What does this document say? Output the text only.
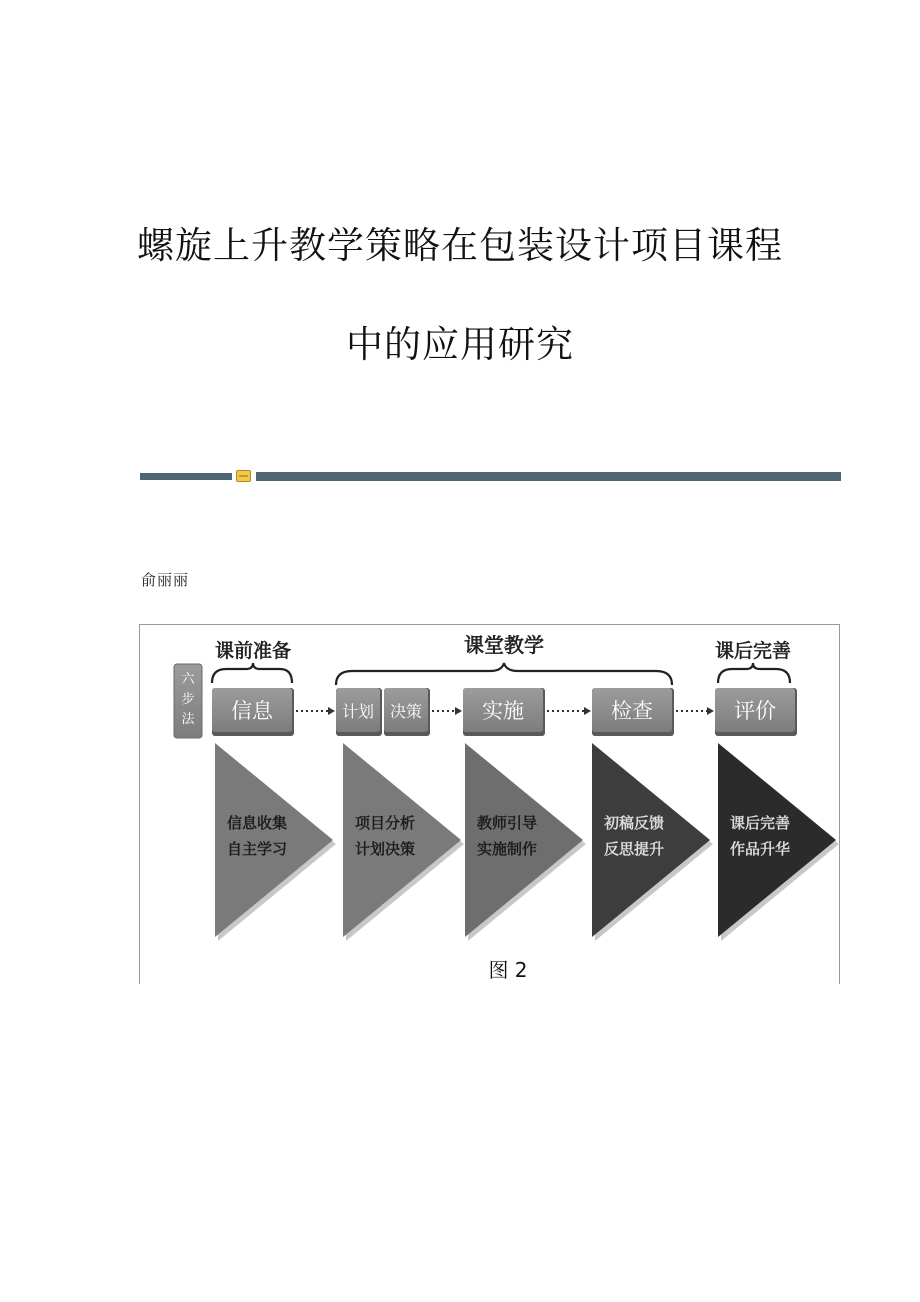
螺旋上升教学策略在包装设计项目课程
中的应用研究
俞丽丽
课前准备	课堂教学	课后完善
六
步
法 信息	计划 决策	实施	检查	评价
信息收集
自主学习
项目分析
计划决策
教师引导
实施制作
初稿反馈
反思提升
课后完善
作品升华
图 2
